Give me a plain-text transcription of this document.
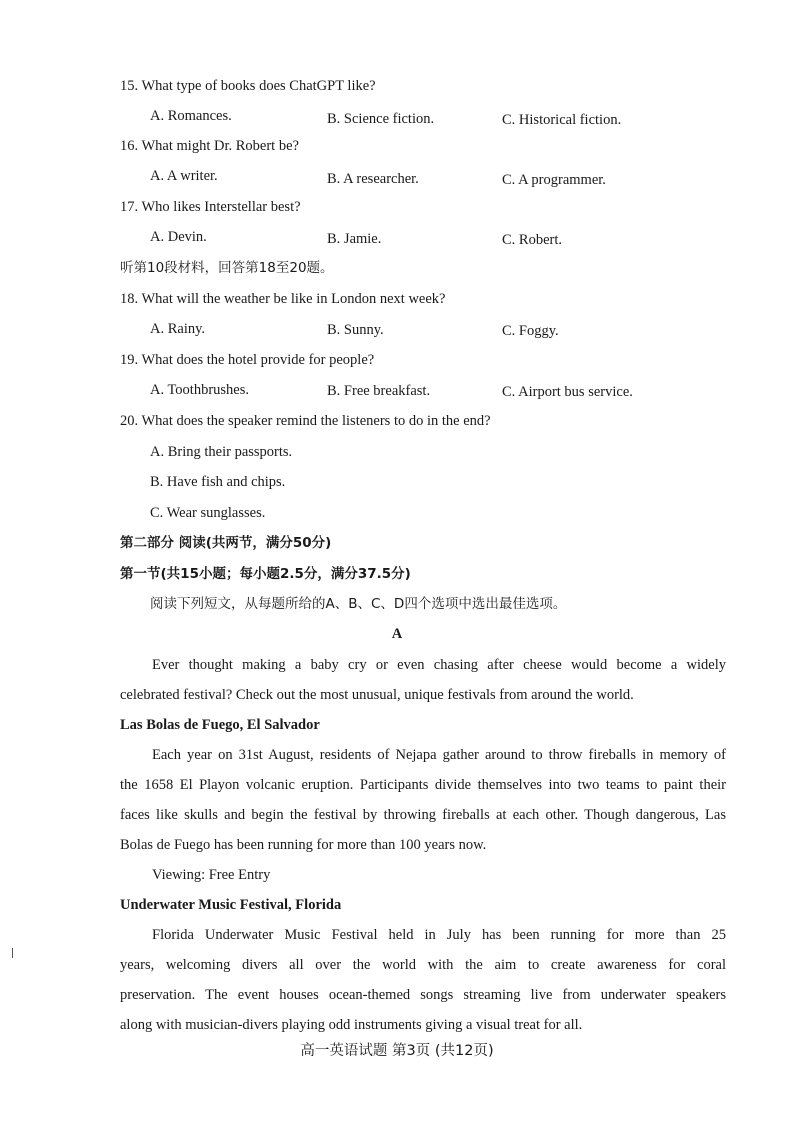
15. What type of books does ChatGPT like?
A. Romances.	B. Science fiction.	C. Historical fiction.
16. What might Dr. Robert be?
A. A writer.	B. A researcher.	C. A programmer.
17. Who likes Interstellar best?
A. Devin.	B. Jamie.	C. Robert.
听第10段材料，回答第18至20题。
18. What will the weather be like in London next week?
A. Rainy.	B. Sunny.	C. Foggy.
19. What does the hotel provide for people?
A. Toothbrushes.	B. Free breakfast.	C. Airport bus service.
20. What does the speaker remind the listeners to do in the end?
A. Bring their passports.
B. Have fish and chips.
C. Wear sunglasses.
第二部分 阅读(共两节，满分50分)
第一节(共15小题；每小题2.5分，满分37.5分)
阅读下列短文，从每题所给的A、B、C、D四个选项中选出最佳选项。
A
Ever thought making a baby cry or even chasing after cheese would become a widely
celebrated festival? Check out the most unusual, unique festivals from around the world.
Las Bolas de Fuego, El Salvador
Each year on 31st August, residents of Nejapa gather around to throw fireballs in memory of
the 1658 El Playon volcanic eruption. Participants divide themselves into two teams to paint their
faces like skulls and begin the festival by throwing fireballs at each other. Though dangerous, Las
Bolas de Fuego has been running for more than 100 years now.
Viewing: Free Entry
Underwater Music Festival, Florida
Florida Underwater Music Festival held in July has been running for more than 25
years, welcoming divers all over the world with the aim to create awareness for coral
preservation. The event houses ocean-themed songs streaming live from underwater speakers
along with musician-divers playing odd instruments giving a visual treat for all.
高一英语试题 第3页 (共12页)
